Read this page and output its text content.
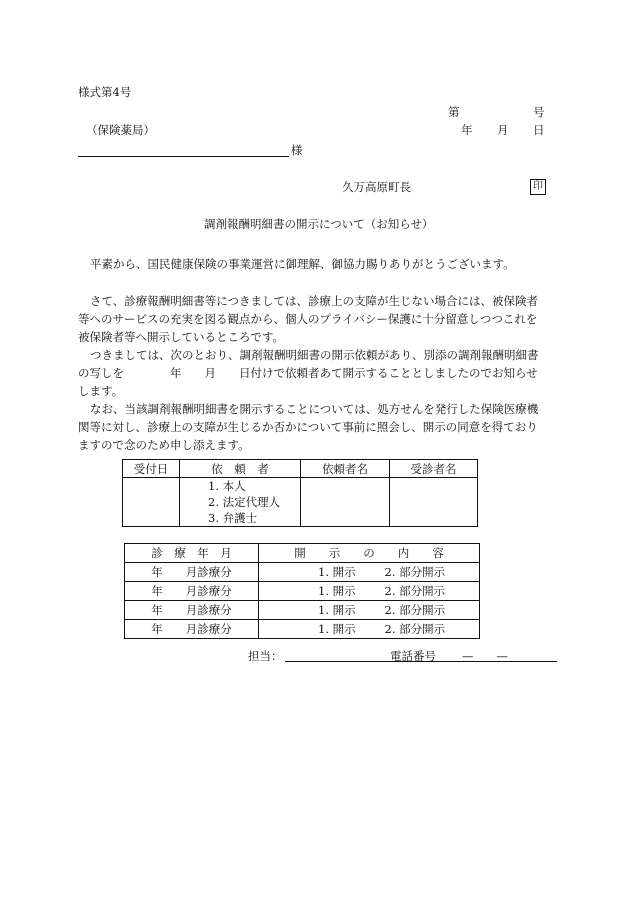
様式第4号
第	号
（保険薬局）	年 月 日
様
久万高原町長	印
調剤報酬明細書の開示について（お知らせ）
平素から、国民健康保険の事業運営に御理解、御協力賜りありがとうございます。
さて、診療報酬明細書等につきましては、診療上の支障が生じない場合には、被保険者
等へのサービスの充実を図る観点から、個人のプライバシー保護に十分留意しつつこれを
被保険者等へ開示しているところです。
つきましては、次のとおり、調剤報酬明細書の開示依頼があり、別添の調剤報酬明細書
の写しを　　　　年　　月　　日付けで依頼者あて開示することとしましたのでお知らせ
します。
なお、当該調剤報酬明細書を開示することについては、処方せんを発行した保険医療機
関等に対し、診療上の支障が生じるか否かについて事前に照会し、開示の同意を得ており
ますので念のため申し添えます。
受付日	依　頼　者	依頼者名	受診者名

	1. 本人
2. 法定代理人
3. 弁護士		

診　療　年　月	開　　示　　の　　内　　容
年　　月診療分	1. 開示 2. 部分開示
年　　月診療分	1. 開示 2. 部分開示
年　　月診療分	1. 開示 2. 部分開示
年　　月診療分	1. 開示 2. 部分開示
担当：	電話番号 —　　—
